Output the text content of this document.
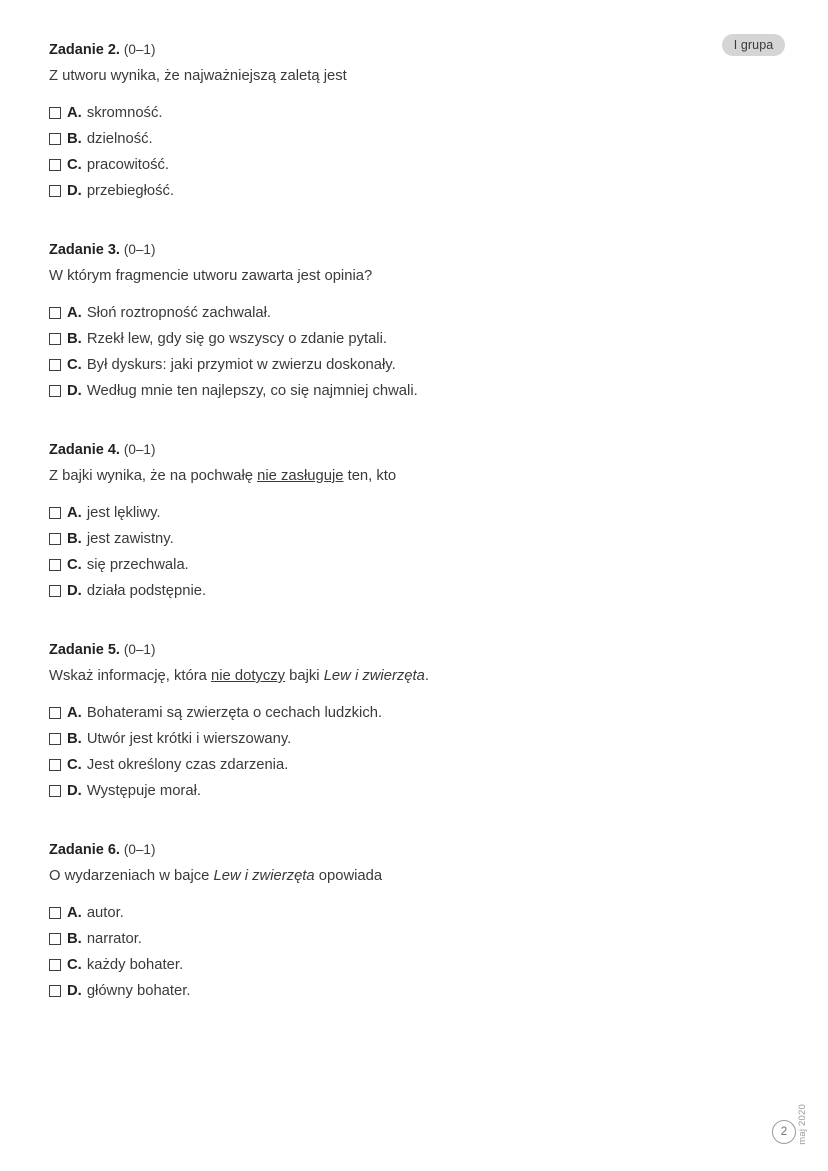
I grupa
Zadanie 2. (0–1)
Z utworu wynika, że najważniejszą zaletą jest
A. skromność.
B. dzielność.
C. pracowitość.
D. przebiegłość.
Zadanie 3. (0–1)
W którym fragmencie utworu zawarta jest opinia?
A. Słoń roztropność zachwalał.
B. Rzekł lew, gdy się go wszyscy o zdanie pytali.
C. Był dyskurs: jaki przymiot w zwierzu doskonały.
D. Według mnie ten najlepszy, co się najmniej chwali.
Zadanie 4. (0–1)
Z bajki wynika, że na pochwałę nie zasługuje ten, kto
A. jest lękliwy.
B. jest zawistny.
C. się przechwala.
D. działa podstępnie.
Zadanie 5. (0–1)
Wskaż informację, która nie dotyczy bajki Lew i zwierzęta.
A. Bohaterami są zwierzęta o cechach ludzkich.
B. Utwór jest krótki i wierszowany.
C. Jest określony czas zdarzenia.
D. Występuje morał.
Zadanie 6. (0–1)
O wydarzeniach w bajce Lew i zwierzęta opowiada
A. autor.
B. narrator.
C. każdy bohater.
D. główny bohater.
2	maj 2020
